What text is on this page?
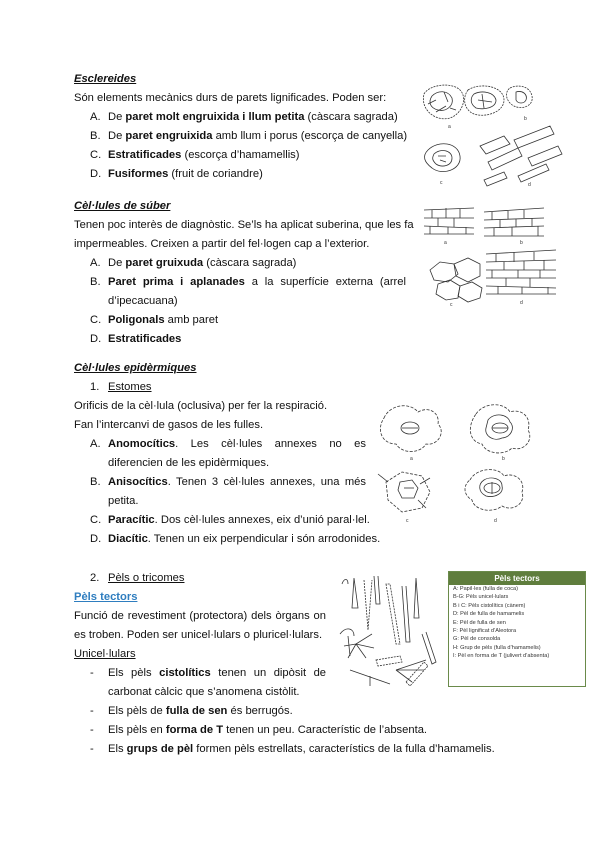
Esclereides
Són elements mecànics durs de parets lignificades. Poden ser:
A. De paret molt engruixida i llum petita (càscara sagrada)
B. De paret engruixida amb llum i porus (escorça de canyella)
C. Estratificades (escorça d’hamamellis)
D. Fusiformes (fruit de coriandre)
a
b
c	d
Cèl·lules de súber
Tenen poc interès de diagnòstic. Se’ls ha aplicat suberina, que les fa
impermeables. Creixen a partir del fel·logen cap a l’exterior.
A. De paret gruixuda (càscara sagrada)
B. Paret prima i aplanades a la superfície externa (arrel
d’ipecacuana)
C. Poligonals amb paret
D. Estratificades
a	b
c	d
Cèl·lules epidèrmiques
1. Estomes
Orificis de la cèl·lula (oclusiva) per fer la respiració.
Fan l’intercanvi de gasos de les fulles.
A. Anomocítics. Les cèl·lules annexes no es
diferencien de les epidèrmiques.
B. Anisocítics. Tenen 3 cèl·lules annexes, una més
petita.
C. Paracític. Dos cèl·lules annexes, eix d’unió paral·lel.
D. Diacític. Tenen un eix perpendicular i són arrodonides.
a	b
c	d
2. Pèls o tricomes
Pèls tectors
Funció de revestiment (protectora) dels òrgans on
es troben. Poden ser unicel·lulars o pluricel·lulars.
Unicel·lulars
- Els pèls cistolítics tenen un dipòsit de
carbonat càlcic que s’anomena cistòlit.
- Els pèls de fulla de sen és berrugós.
- Els pèls en forma de T tenen un peu. Característic de l’absenta.
- Els grups de pèl formen pèls estrellats, característics de la fulla d’hamamelis.
Pèls tectors
A: Papil·les (fulla de coca)
B-G: Pèls unicel·lulars
B i C: Pèls cistolítics (cànem)
D: Pèl de fulla de hamamelis
E: Pèl de fulla de sen
F: Pèl lignificat d’Aleotora
G: Pèl de consolda
H: Grup de pèls (fulla d’hamamelis)
I: Pèl en forma de T (julivert d’absenta)
